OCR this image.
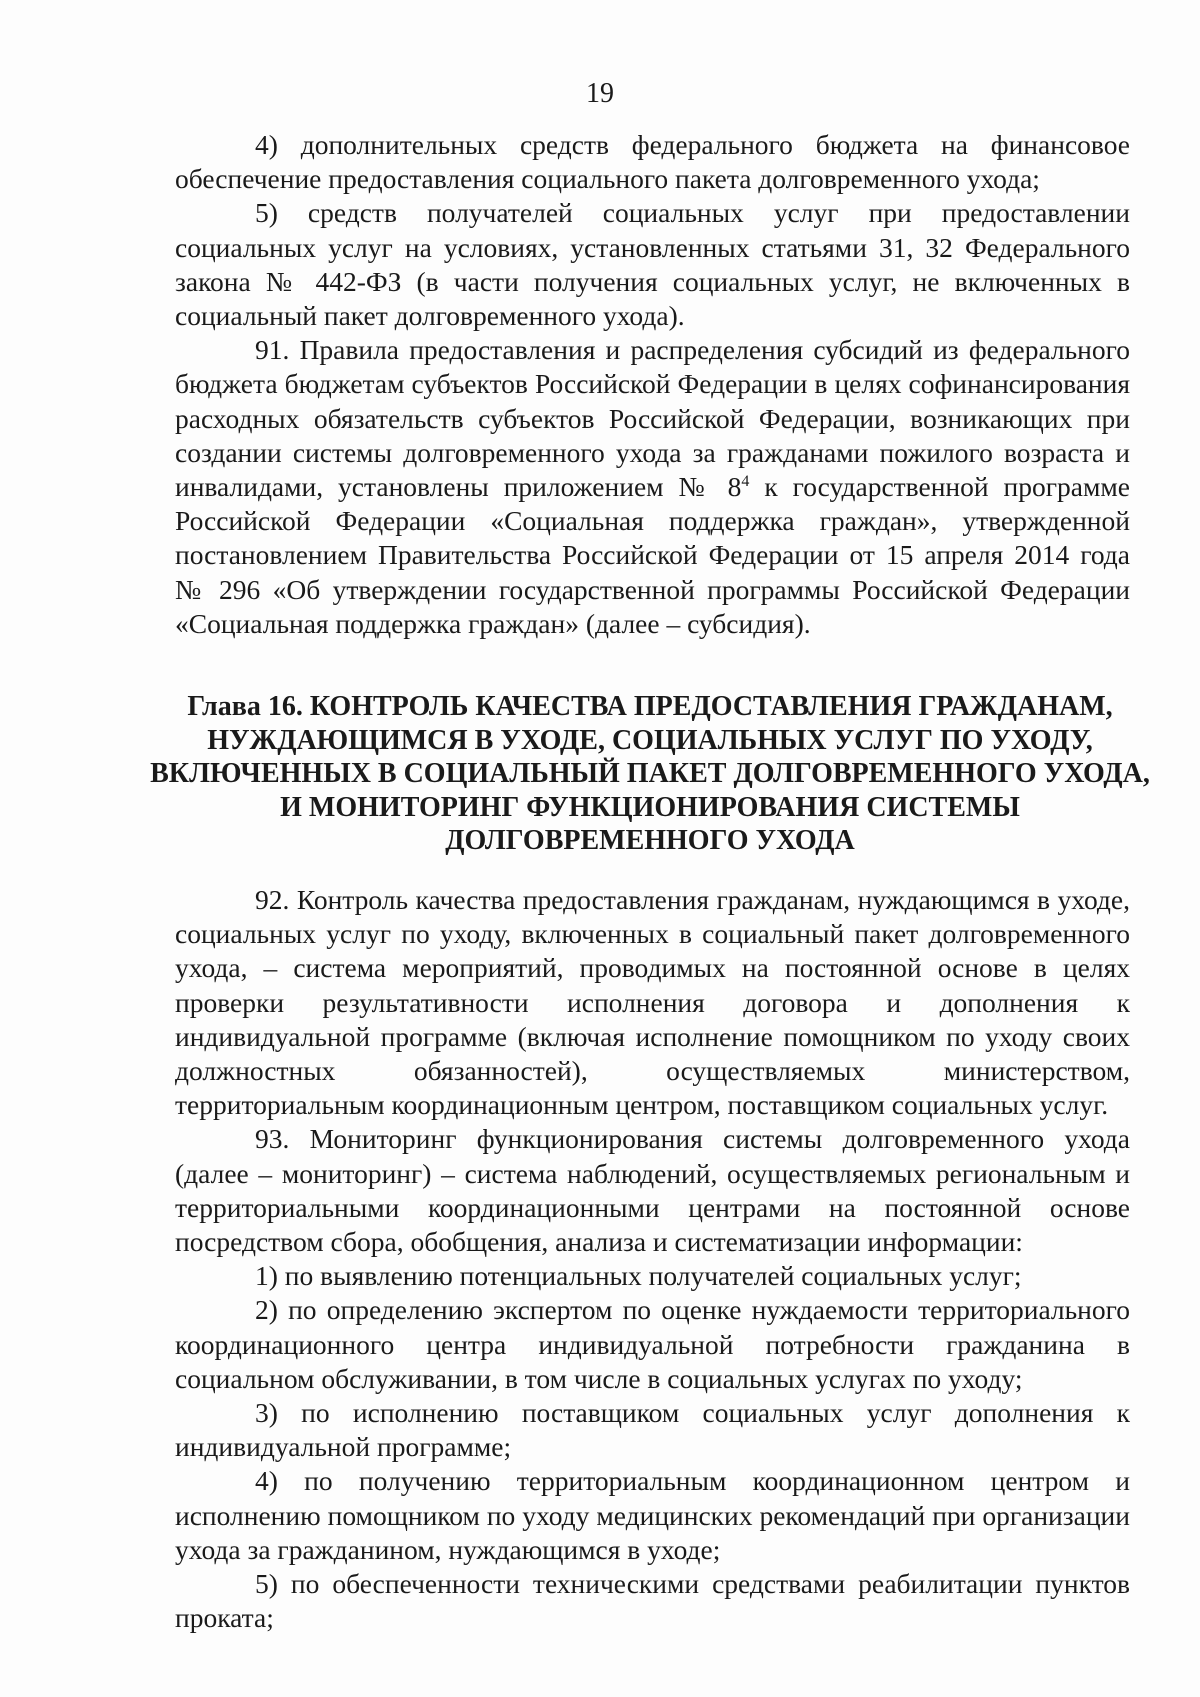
19

4) дополнительных средств федерального бюджета на финансовое обеспечение предоставления социального пакета долговременного ухода;

5) средств получателей социальных услуг при предоставлении социальных услуг на условиях, установленных статьями 31, 32 Федерального закона № 442-ФЗ (в части получения социальных услуг, не включенных в социальный пакет долговременного ухода).

91. Правила предоставления и распределения субсидий из федерального бюджета бюджетам субъектов Российской Федерации в целях софинансирования расходных обязательств субъектов Российской Федерации, возникающих при создании системы долговременного ухода за гражданами пожилого возраста и инвалидами, установлены приложением № $8^4$ к государственной программе Российской Федерации «Социальная поддержка граждан», утвержденной постановлением Правительства Российской Федерации от 15 апреля 2014 года № 296 «Об утверждении государственной программы Российской Федерации «Социальная поддержка граждан» (далее – субсидия).

Глава 16. КОНТРОЛЬ КАЧЕСТВА ПРЕДОСТАВЛЕНИЯ ГРАЖДАНАМ,
НУЖДАЮЩИМСЯ В УХОДЕ, СОЦИАЛЬНЫХ УСЛУГ ПО УХОДУ,
ВКЛЮЧЕННЫХ В СОЦИАЛЬНЫЙ ПАКЕТ ДОЛГОВРЕМЕННОГО УХОДА,
И МОНИТОРИНГ ФУНКЦИОНИРОВАНИЯ СИСТЕМЫ
ДОЛГОВРЕМЕННОГО УХОДА

92. Контроль качества предоставления гражданам, нуждающимся в уходе, социальных услуг по уходу, включенных в социальный пакет долговременного ухода, – система мероприятий, проводимых на постоянной основе в целях проверки результативности исполнения договора и дополнения к индивидуальной программе (включая исполнение помощником по уходу своих должностных обязанностей), осуществляемых министерством, территориальным координационным центром, поставщиком социальных услуг.

93. Мониторинг функционирования системы долговременного ухода (далее – мониторинг) – система наблюдений, осуществляемых региональным и территориальными координационными центрами на постоянной основе посредством сбора, обобщения, анализа и систематизации информации:

1) по выявлению потенциальных получателей социальных услуг;

2) по определению экспертом по оценке нуждаемости территориального координационного центра индивидуальной потребности гражданина в социальном обслуживании, в том числе в социальных услугах по уходу;

3) по исполнению поставщиком социальных услуг дополнения к индивидуальной программе;

4) по получению территориальным координационном центром и исполнению помощником по уходу медицинских рекомендаций при организации ухода за гражданином, нуждающимся в уходе;

5) по обеспеченности техническими средствами реабилитации пунктов проката;
